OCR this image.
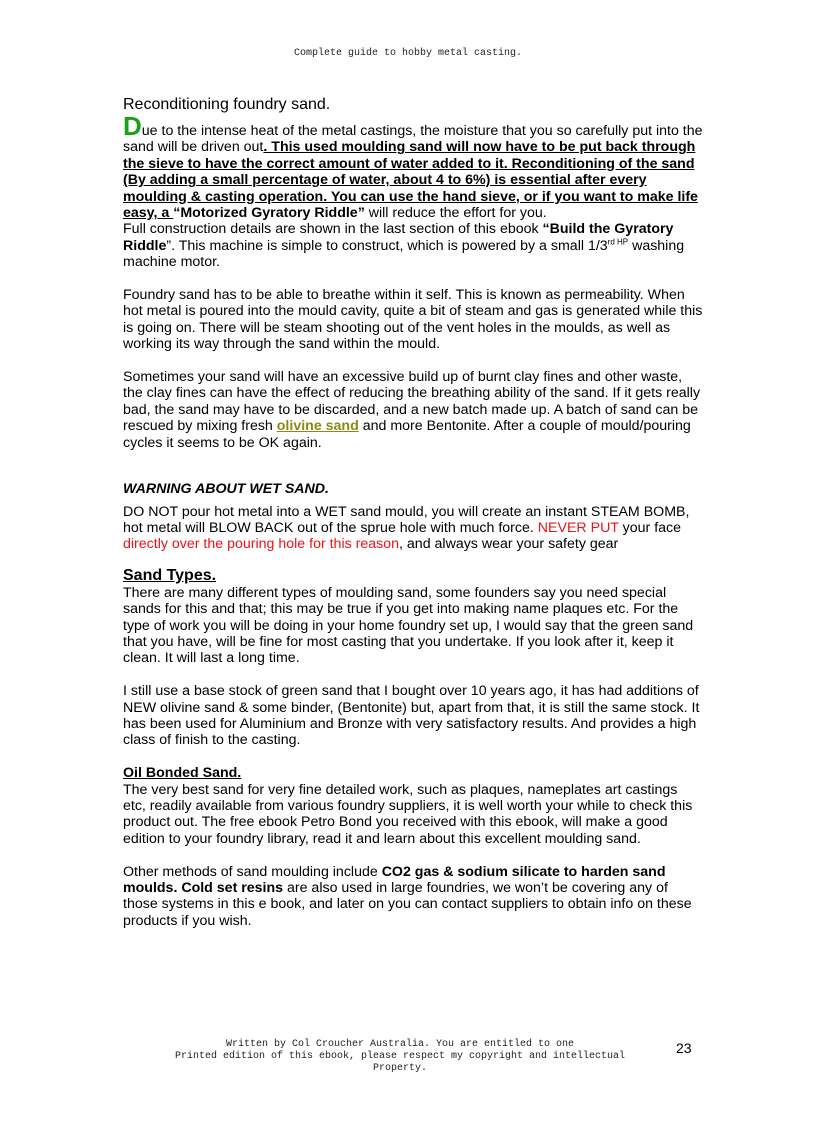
Complete guide to hobby metal casting.
Reconditioning foundry sand.

Due to the intense heat of the metal castings, the moisture that you so carefully put into the sand will be driven out. This used moulding sand will now have to be put back through the sieve to have the correct amount of water added to it. Reconditioning of the sand (By adding a small percentage of water, about 4 to 6%) is essential after every moulding & casting operation. You can use the hand sieve, or if you want to make life easy, a “Motorized Gyratory Riddle” will reduce the effort for you.

Full construction details are shown in the last section of this ebook “Build the Gyratory Riddle”. This machine is simple to construct, which is powered by a small $1/3^{rd HP}$ washing machine motor.

Foundry sand has to be able to breathe within it self. This is known as permeability. When hot metal is poured into the mould cavity, quite a bit of steam and gas is generated while this is going on. There will be steam shooting out of the vent holes in the moulds, as well as working its way through the sand within the mould.

Sometimes your sand will have an excessive build up of burnt clay fines and other waste, the clay fines can have the effect of reducing the breathing ability of the sand. If it gets really bad, the sand may have to be discarded, and a new batch made up. A batch of sand can be rescued by mixing fresh olivine sand and more Bentonite. After a couple of mould/pouring cycles it seems to be OK again.

WARNING ABOUT WET SAND.

DO NOT pour hot metal into a WET sand mould, you will create an instant STEAM BOMB, hot metal will BLOW BACK out of the sprue hole with much force. NEVER PUT your face directly over the pouring hole for this reason, and always wear your safety gear

Sand Types.

There are many different types of moulding sand, some founders say you need special sands for this and that; this may be true if you get into making name plaques etc. For the type of work you will be doing in your home foundry set up, I would say that the green sand that you have, will be fine for most casting that you undertake. If you look after it, keep it clean. It will last a long time.

I still use a base stock of green sand that I bought over 10 years ago, it has had additions of NEW olivine sand & some binder, (Bentonite) but, apart from that, it is still the same stock. It has been used for Aluminium and Bronze with very satisfactory results. And provides a high class of finish to the casting.

Oil Bonded Sand.

The very best sand for very fine detailed work, such as plaques, nameplates art castings etc, readily available from various foundry suppliers, it is well worth your while to check this product out. The free ebook Petro Bond you received with this ebook, will make a good edition to your foundry library, read it and learn about this excellent moulding sand.

Other methods of sand moulding include CO2 gas & sodium silicate to harden sand moulds. Cold set resins are also used in large foundries, we won’t be covering any of those systems in this e book, and later on you can contact suppliers to obtain info on these products if you wish.

Written by Col Croucher Australia. You are entitled to one
Printed edition of this ebook, please respect my copyright and intellectual
Property.
23
